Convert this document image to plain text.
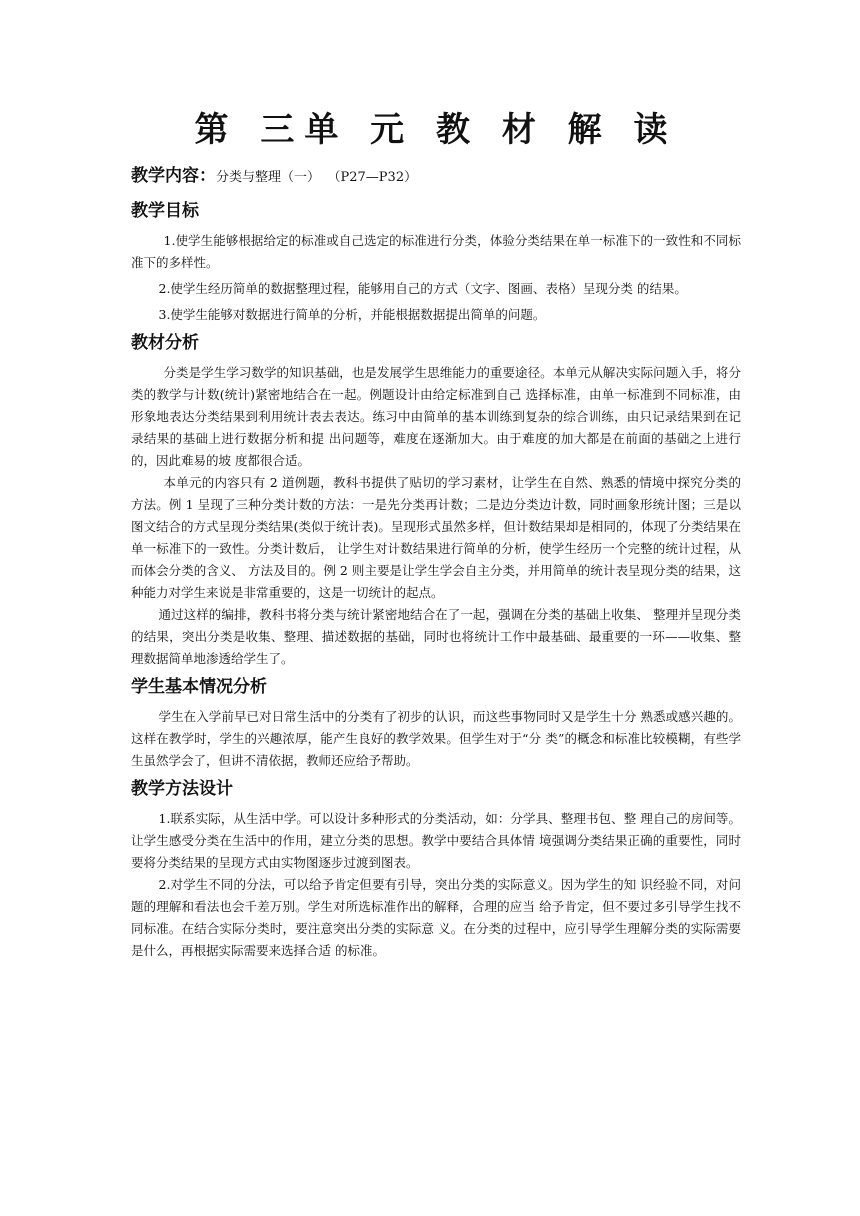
第 三单 元 教 材 解 读
教学内容：分类与整理（一） （P27—P32）
教学目标

1.使学生能够根据给定的标准或自己选定的标准进行分类，体验分类结果在单一标准下的一致性和不同标准下的多样性。

2.使学生经历简单的数据整理过程，能够用自己的方式（文字、图画、表格）呈现分类 的结果。

3.使学生能够对数据进行简单的分析，并能根据数据提出简单的问题。

教材分析

分类是学生学习数学的知识基础，也是发展学生思维能力的重要途径。本单元从解决实际问题入手，将分类的教学与计数(统计)紧密地结合在一起。例题设计由给定标准到自己 选择标准，由单一标准到不同标准，由形象地表达分类结果到利用统计表去表达。练习中由简单的基本训练到复杂的综合训练，由只记录结果到在记录结果的基础上进行数据分析和提 出问题等，难度在逐渐加大。由于难度的加大都是在前面的基础之上进行的，因此难易的坡 度都很合适。

本单元的内容只有 2 道例题，教科书提供了贴切的学习素材，让学生在自然、熟悉的情境中探究分类的方法。例 1 呈现了三种分类计数的方法：一是先分类再计数；二是边分类边计数，同时画象形统计图；三是以图文结合的方式呈现分类结果(类似于统计表)。呈现形式虽然多样，但计数结果却是相同的，体现了分类结果在单一标准下的一致性。分类计数后， 让学生对计数结果进行简单的分析，使学生经历一个完整的统计过程，从而体会分类的含义、 方法及目的。例 2 则主要是让学生学会自主分类，并用简单的统计表呈现分类的结果，这种能力对学生来说是非常重要的，这是一切统计的起点。

通过这样的编排，教科书将分类与统计紧密地结合在了一起，强调在分类的基础上收集、 整理并呈现分类的结果，突出分类是收集、整理、描述数据的基础，同时也将统计工作中最基础、最重要的一环——收集、整理数据简单地渗透给学生了。

学生基本情况分析

学生在入学前早已对日常生活中的分类有了初步的认识，而这些事物同时又是学生十分 熟悉或感兴趣的。这样在教学时，学生的兴趣浓厚，能产生良好的教学效果。但学生对于“分 类”的概念和标准比较模糊，有些学生虽然学会了，但讲不清依据，教师还应给予帮助。

教学方法设计

1.联系实际，从生活中学。可以设计多种形式的分类活动，如：分学具、整理书包、整 理自己的房间等。让学生感受分类在生活中的作用，建立分类的思想。教学中要结合具体情 境强调分类结果正确的重要性，同时要将分类结果的呈现方式由实物图逐步过渡到图表。

2.对学生不同的分法，可以给予肯定但要有引导，突出分类的实际意义。因为学生的知 识经验不同，对问题的理解和看法也会千差万别。学生对所选标准作出的解释，合理的应当 给予肯定，但不要过多引导学生找不同标准。在结合实际分类时，要注意突出分类的实际意 义。在分类的过程中，应引导学生理解分类的实际需要是什么，再根据实际需要来选择合适 的标准。
